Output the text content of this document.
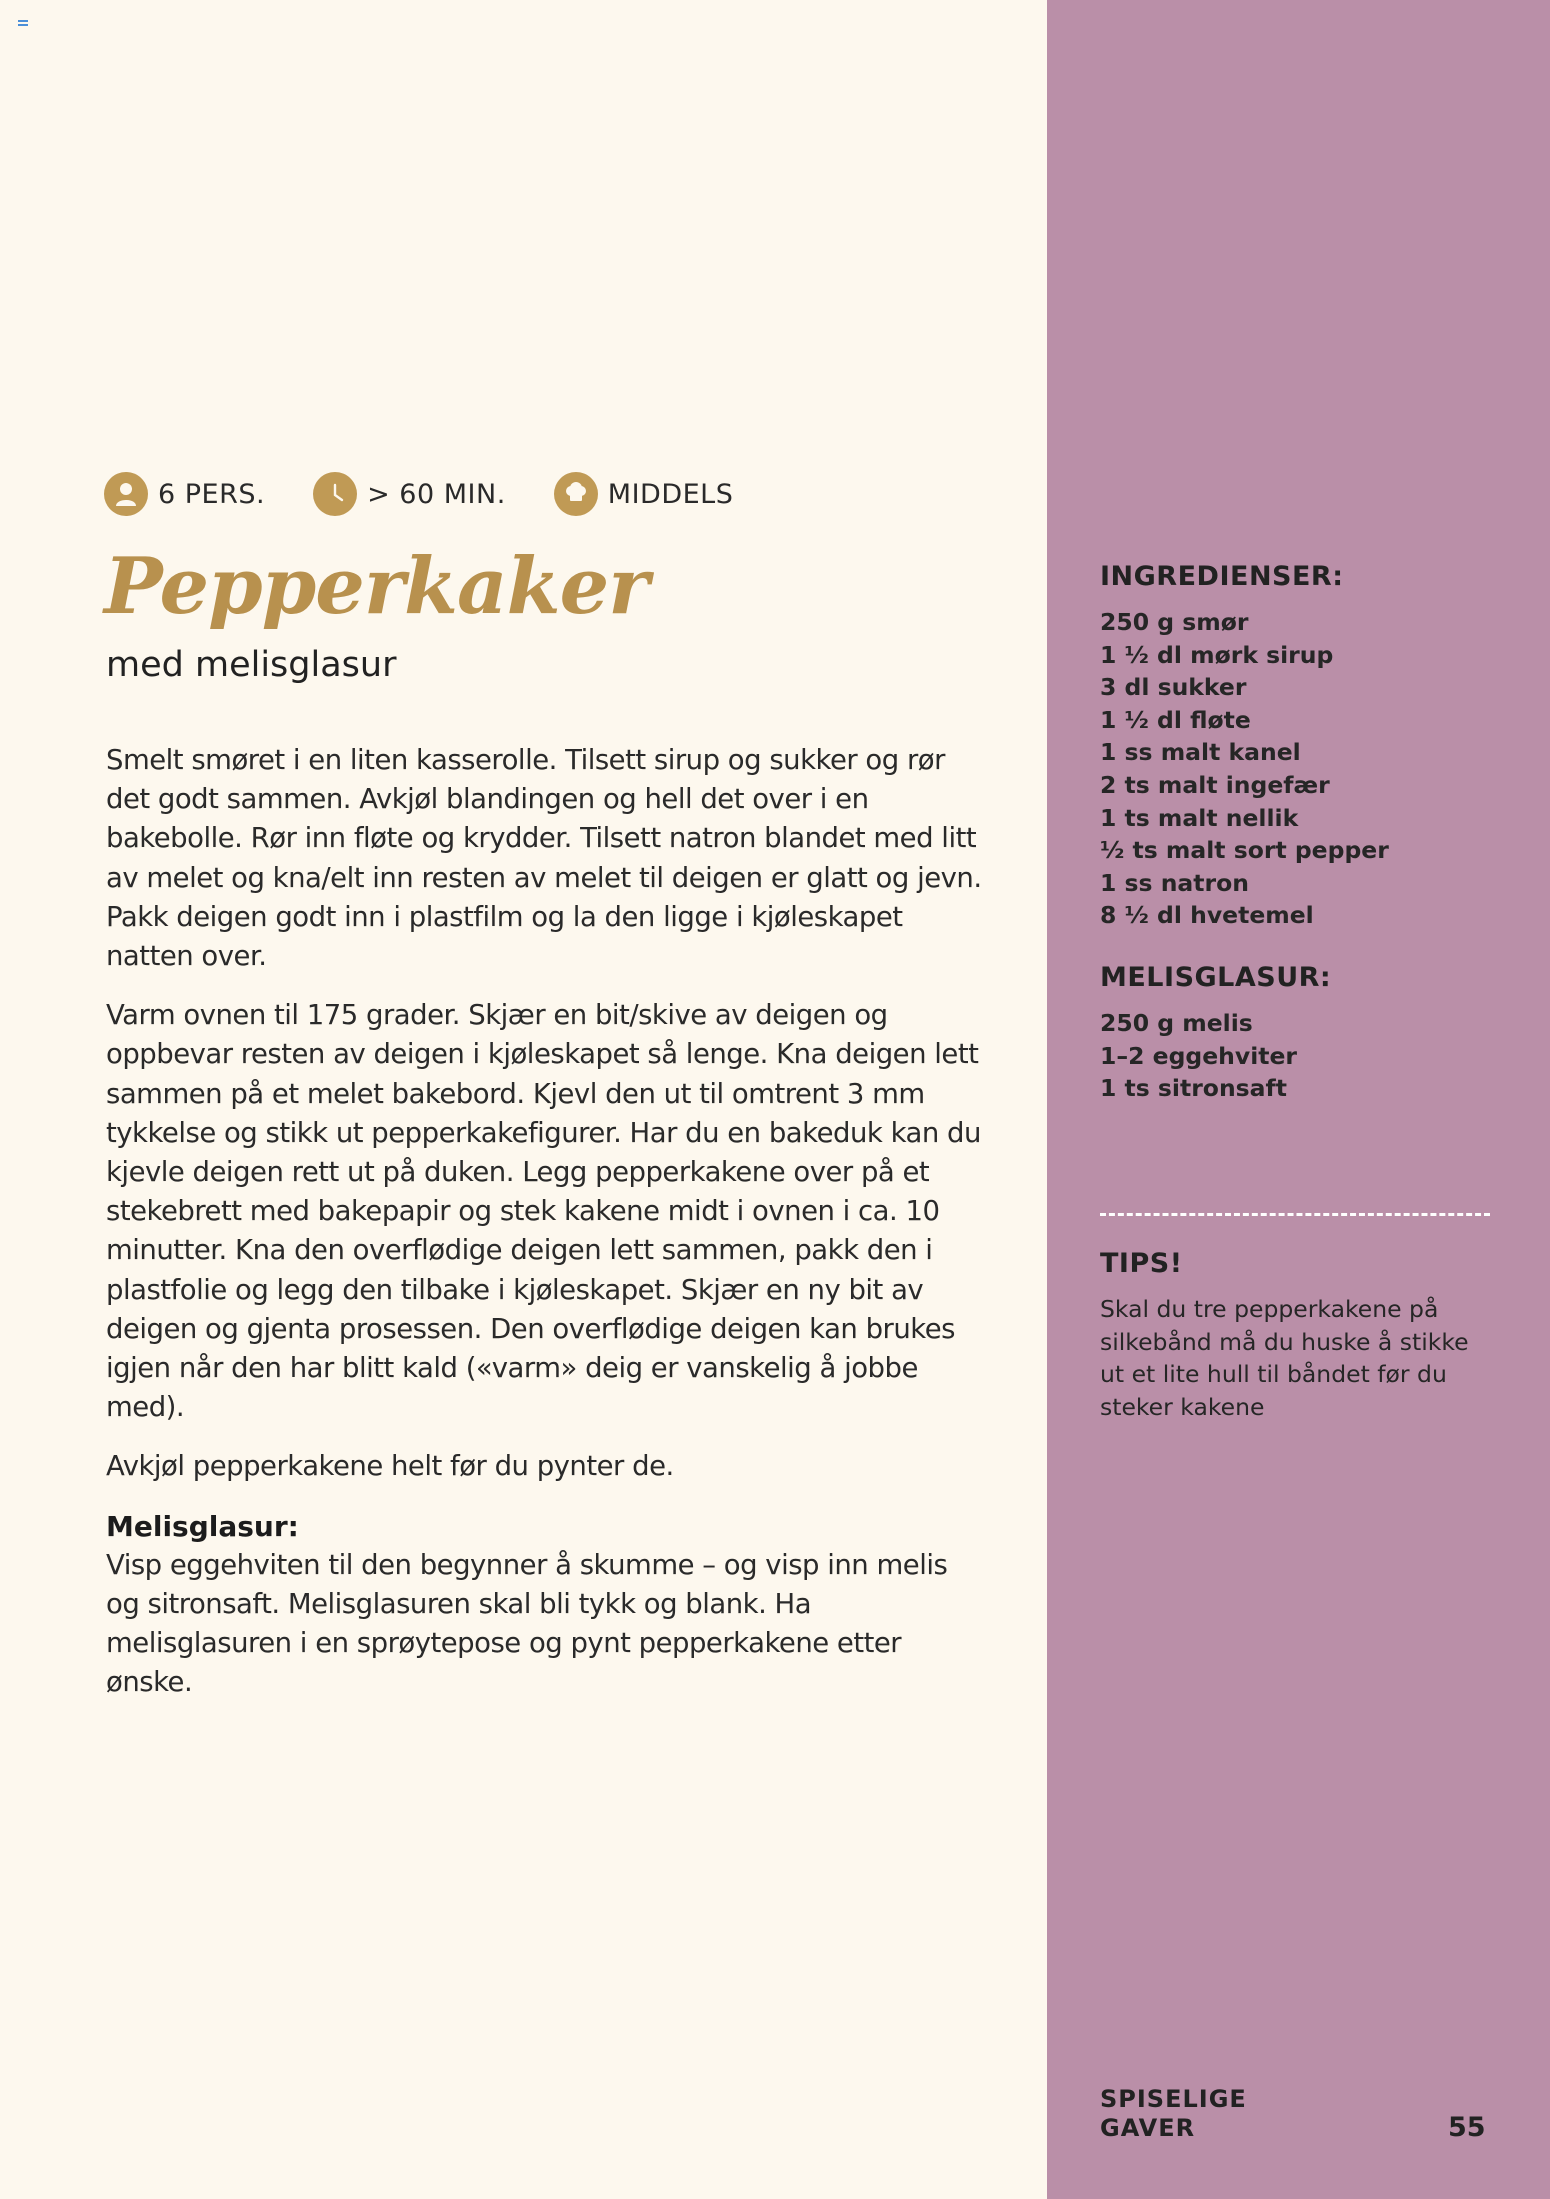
6 PERS.	> 60 MIN.	MIDDELS
Pepperkaker
med melisglasur

Smelt smøret i en liten kasserolle. Tilsett sirup og sukker og rør det godt sammen. Avkjøl blandingen og hell det over i en bakebolle. Rør inn fløte og krydder. Tilsett natron blandet med litt av melet og kna/elt inn resten av melet til deigen er glatt og jevn. Pakk deigen godt inn i plastfilm og la den ligge i kjøleskapet natten over.

Varm ovnen til 175 grader. Skjær en bit/skive av deigen og oppbevar resten av deigen i kjøleskapet så lenge. Kna deigen lett sammen på et melet bakebord. Kjevl den ut til omtrent 3 mm tykkelse og stikk ut pepperkakefigurer. Har du en bakeduk kan du kjevle deigen rett ut på duken. Legg pepperkakene over på et stekebrett med bakepapir og stek kakene midt i ovnen i ca. 10 minutter. Kna den overflødige deigen lett sammen, pakk den i plastfolie og legg den tilbake i kjøleskapet. Skjær en ny bit av deigen og gjenta prosessen. Den overflødige deigen kan brukes igjen når den har blitt kald («varm» deig er vanskelig å jobbe med).

Avkjøl pepperkakene helt før du pynter de.

Melisglasur:

Visp eggehviten til den begynner å skumme – og visp inn melis og sitronsaft. Melisglasuren skal bli tykk og blank. Ha melisglasuren i en sprøytepose og pynt pepperkakene etter ønske.

INGREDIENSER:

250 g smør
1 ½ dl mørk sirup
3 dl sukker
1 ½ dl fløte
1 ss malt kanel
2 ts malt ingefær
1 ts malt nellik
½ ts malt sort pepper
1 ss natron
8 ½ dl hvetemel

MELISGLASUR:

250 g melis
1–2 eggehviter
1 ts sitronsaft

TIPS!

Skal du tre pepperkakene på silkebånd må du huske å stikke ut et lite hull til båndet før du steker kakene

SPISELIGE
GAVER	55
